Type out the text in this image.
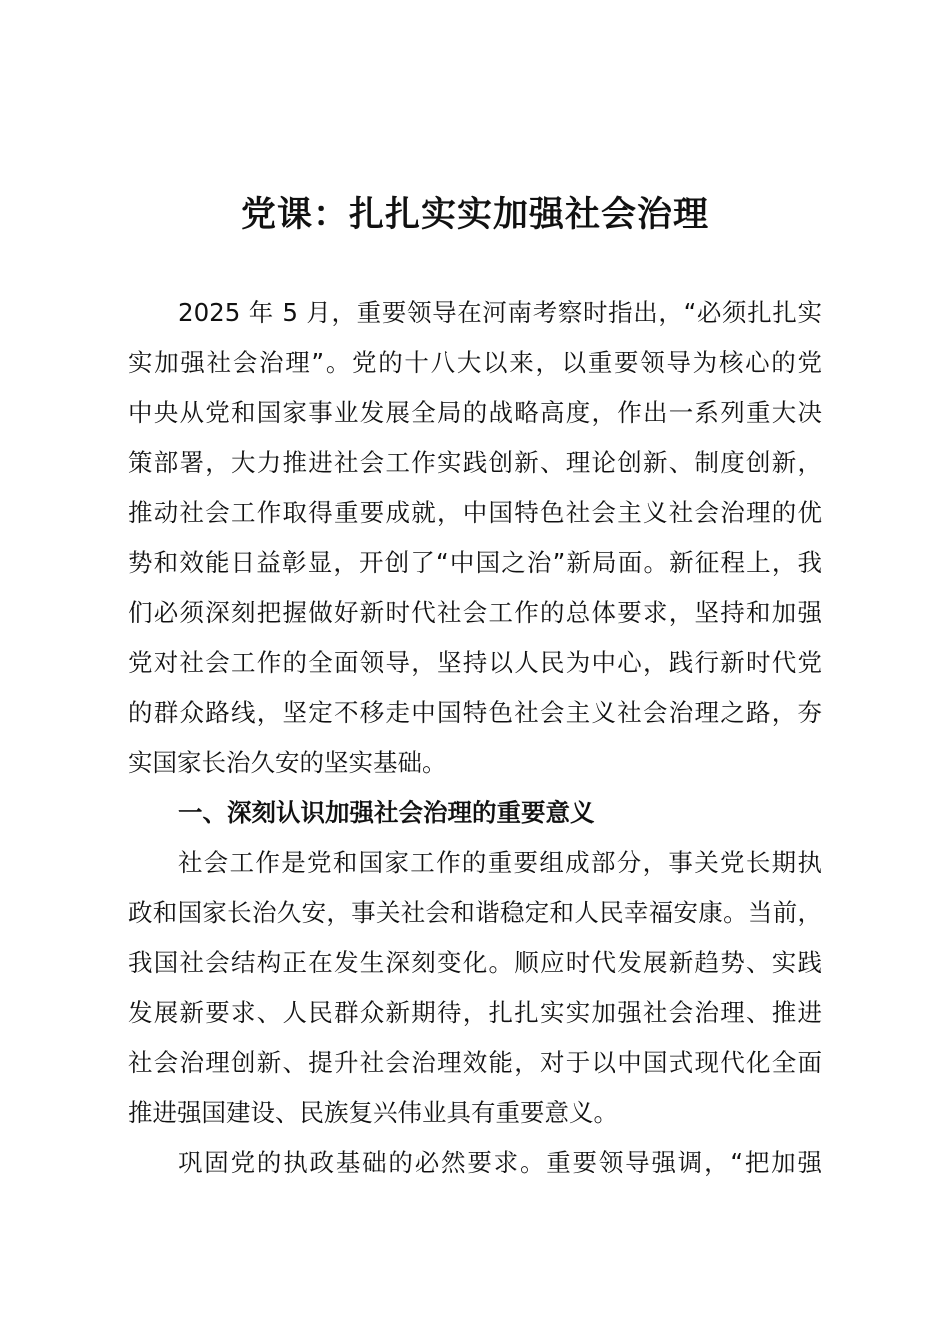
党课：扎扎实实加强社会治理
2025 年 5 月，重要领导在河南考察时指出，“必须扎扎实
实加强社会治理”。党的十八大以来，以重要领导为核心的党
中央从党和国家事业发展全局的战略高度，作出一系列重大决
策部署，大力推进社会工作实践创新、理论创新、制度创新，
推动社会工作取得重要成就，中国特色社会主义社会治理的优
势和效能日益彰显，开创了“中国之治”新局面。新征程上，我
们必须深刻把握做好新时代社会工作的总体要求，坚持和加强
党对社会工作的全面领导，坚持以人民为中心，践行新时代党
的群众路线，坚定不移走中国特色社会主义社会治理之路，夯
实国家长治久安的坚实基础。
一、深刻认识加强社会治理的重要意义
社会工作是党和国家工作的重要组成部分，事关党长期执
政和国家长治久安，事关社会和谐稳定和人民幸福安康。当前，
我国社会结构正在发生深刻变化。顺应时代发展新趋势、实践
发展新要求、人民群众新期待，扎扎实实加强社会治理、推进
社会治理创新、提升社会治理效能，对于以中国式现代化全面
推进强国建设、民族复兴伟业具有重要意义。
巩固党的执政基础的必然要求。重要领导强调，“把加强
